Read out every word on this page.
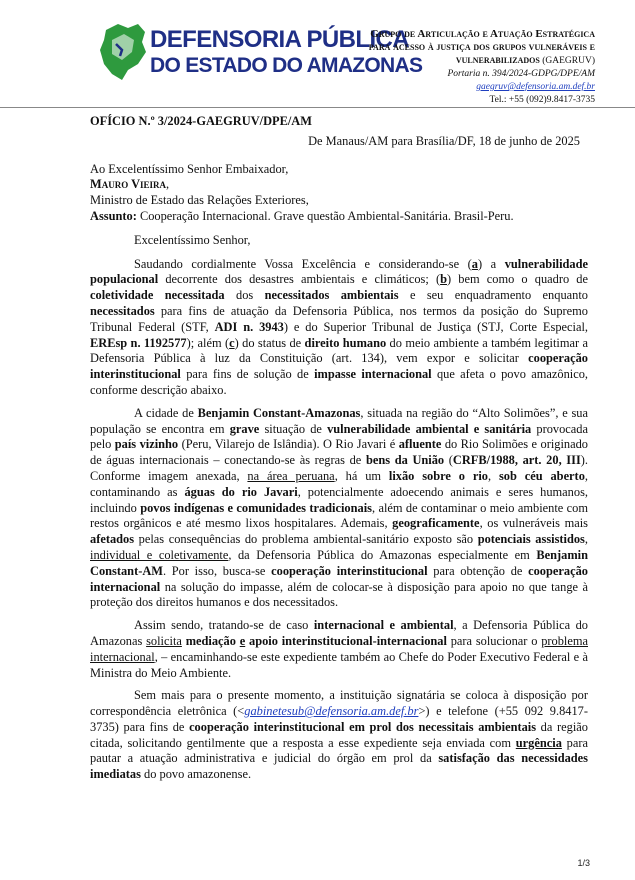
DEFENSORIA PÚBLICA
DO ESTADO DO AMAZONAS
Grupo de Articulação e Atuação Estratégica
para acesso à justiça dos grupos vulneráveis e
vulnerabilizados (GAEGRUV)
Portaria n. 394/2024-GDPG/DPE/AM
gaegruv@defensoria.am.def.br
Tel.: +55 (092)9.8417-3735

OFÍCIO N.º 3/2024-GAEGRUV/DPE/AM

De Manaus/AM para Brasília/DF, 18 de junho de 2025

Ao Excelentíssimo Senhor Embaixador,

Mauro Vieira,

Ministro de Estado das Relações Exteriores,

Assunto: Cooperação Internacional. Grave questão Ambiental-Sanitária. Brasil-Peru.

Excelentíssimo Senhor,

Saudando cordialmente Vossa Excelência e considerando-se (a) a vulnerabilidade populacional decorrente dos desastres ambientais e climáticos; (b) bem como o quadro de coletividade necessitada dos necessitados ambientais e seu enquadramento enquanto necessitados para fins de atuação da Defensoria Pública, nos termos da posição do Supremo Tribunal Federal (STF, ADI n. 3943) e do Superior Tribunal de Justiça (STJ, Corte Especial, EREsp n. 1192577); além (c) do status de direito humano do meio ambiente a também legitimar a Defensoria Pública à luz da Constituição (art. 134), vem expor e solicitar cooperação interinstitucional para fins de solução de impasse internacional que afeta o povo amazônico, conforme descrição abaixo.

A cidade de Benjamin Constant-Amazonas, situada na região do “Alto Solimões”, e sua população se encontra em grave situação de vulnerabilidade ambiental e sanitária provocada pelo país vizinho (Peru, Vilarejo de Islândia). O Rio Javari é afluente do Rio Solimões e originado de águas internacionais – conectando-se às regras de bens da União (CRFB/1988, art. 20, III). Conforme imagem anexada, na área peruana, há um lixão sobre o rio, sob céu aberto, contaminando as águas do rio Javari, potencialmente adoecendo animais e seres humanos, incluindo povos indígenas e comunidades tradicionais, além de contaminar o meio ambiente com restos orgânicos e até mesmo lixos hospitalares. Ademais, geograficamente, os vulneráveis mais afetados pelas consequências do problema ambiental-sanitário exposto são potenciais assistidos, individual e coletivamente, da Defensoria Pública do Amazonas especialmente em Benjamin Constant-AM. Por isso, busca-se cooperação interinstitucional para obtenção de cooperação internacional na solução do impasse, além de colocar-se à disposição para apoio no que tange à proteção dos direitos humanos e dos necessitados.

Assim sendo, tratando-se de caso internacional e ambiental, a Defensoria Pública do Amazonas solicita mediação e apoio interinstitucional-internacional para solucionar o problema internacional, – encaminhando-se este expediente também ao Chefe do Poder Executivo Federal e à Ministra do Meio Ambiente.

Sem mais para o presente momento, a instituição signatária se coloca à disposição por correspondência eletrônica (<gabinetesub@defensoria.am.def.br>) e telefone (+55 092 9.8417-3735) para fins de cooperação interinstitucional em prol dos necessitais ambientais da região citada, solicitando gentilmente que a resposta a esse expediente seja enviada com urgência para pautar a atuação administrativa e judicial do órgão em prol da satisfação das necessidades imediatas do povo amazonense.

1/3
